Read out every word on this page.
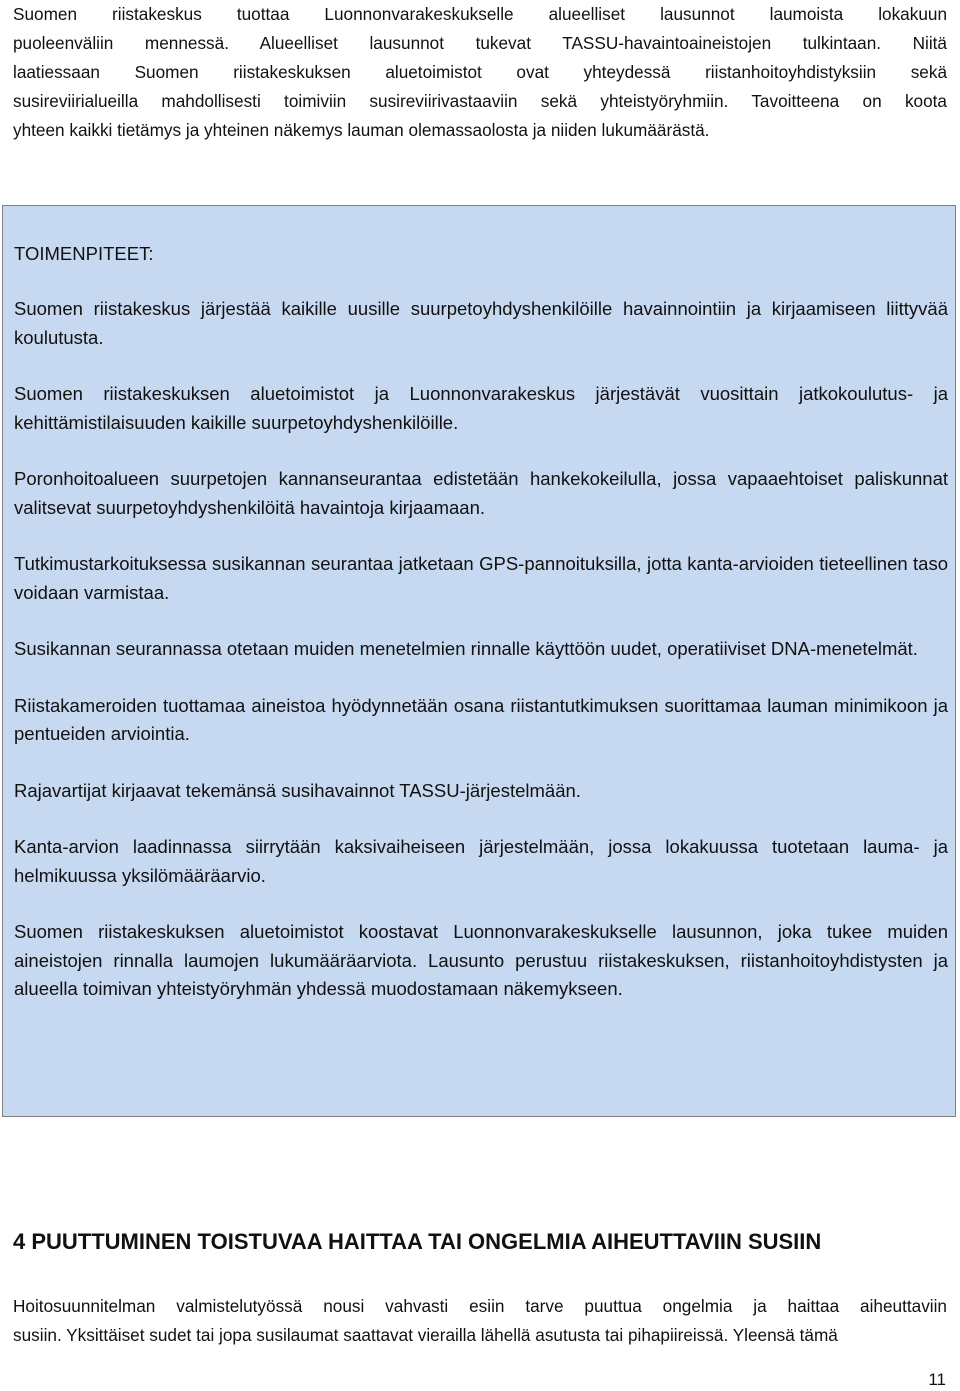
Suomen riistakeskus tuottaa Luonnonvarakeskukselle alueelliset lausunnot laumoista lokakuun
puoleenväliin mennessä. Alueelliset lausunnot tukevat TASSU-havaintoaineistojen tulkintaan. Niitä
laatiessaan Suomen riistakeskuksen aluetoimistot ovat yhteydessä riistanhoitoyhdistyksiin sekä
susireviirialueilla mahdollisesti toimiviin susireviirivastaaviin sekä yhteistyöryhmiin. Tavoitteena on koota
yhteen kaikki tietämys ja yhteinen näkemys lauman olemassaolosta ja niiden lukumäärästä.

TOIMENPITEET:

Suomen riistakeskus järjestää kaikille uusille suurpetoyhdyshenkilöille havainnointiin ja kirjaamiseen liittyvää koulutusta.
Suomen riistakeskuksen aluetoimistot ja Luonnonvarakeskus järjestävät vuosittain jatkokoulutus- ja kehittämistilaisuuden kaikille suurpetoyhdyshenkilöille.
Poronhoitoalueen suurpetojen kannanseurantaa edistetään hankekokeilulla, jossa vapaaehtoiset paliskunnat valitsevat suurpetoyhdyshenkilöitä havaintoja kirjaamaan.
Tutkimustarkoituksessa susikannan seurantaa jatketaan GPS-pannoituksilla, jotta kanta-arvioiden tieteellinen taso voidaan varmistaa.
Susikannan seurannassa otetaan muiden menetelmien rinnalle käyttöön uudet, operatiiviset DNA-menetelmät.
Riistakameroiden tuottamaa aineistoa hyödynnetään osana riistantutkimuksen suorittamaa lauman minimikoon ja pentueiden arviointia.
Rajavartijat kirjaavat tekemänsä susihavainnot TASSU-järjestelmään.
Kanta-arvion laadinnassa siirrytään kaksivaiheiseen järjestelmään, jossa lokakuussa tuotetaan lauma- ja helmikuussa yksilömääräarvio.
Suomen riistakeskuksen aluetoimistot koostavat Luonnonvarakeskukselle lausunnon, joka tukee muiden aineistojen rinnalla laumojen lukumääräarviota. Lausunto perustuu riistakeskuksen, riistanhoitoyhdistysten ja alueella toimivan yhteistyöryhmän yhdessä muodostamaan näkemykseen.
4 PUUTTUMINEN TOISTUVAA HAITTAA TAI ONGELMIA AIHEUTTAVIIN SUSIIN
Hoitosuunnitelman valmistelutyössä nousi vahvasti esiin tarve puuttua ongelmia ja haittaa aiheuttaviin
susiin. Yksittäiset sudet tai jopa susilaumat saattavat vierailla lähellä asutusta tai pihapiireissä. Yleensä tämä

11
